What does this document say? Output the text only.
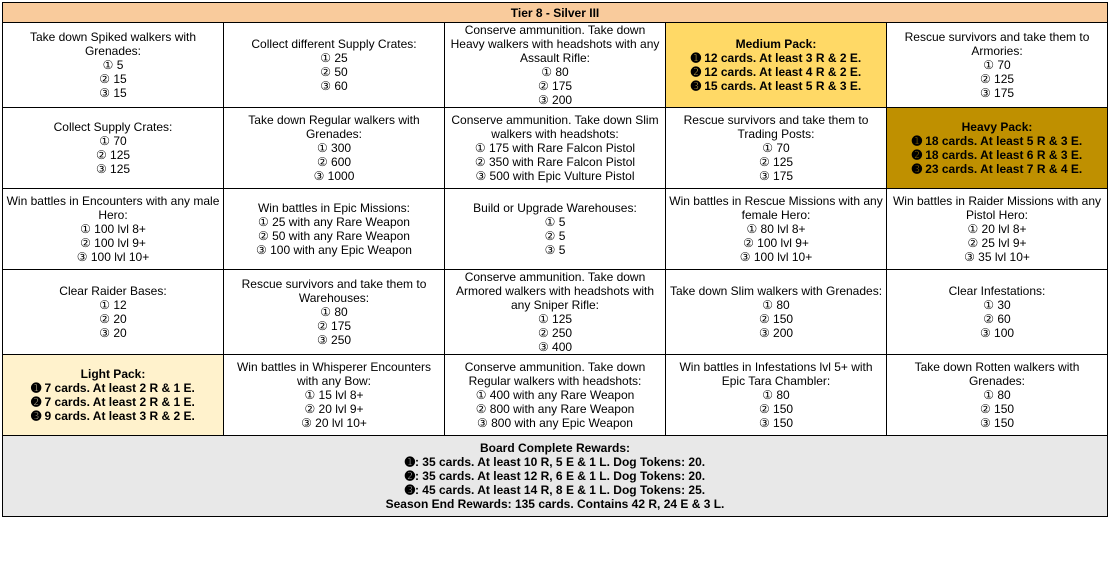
Tier 8 - Silver III				

Take down Spiked walkers with Grenades:
① 5
② 15
③ 15	Collect different Supply Crates:
① 25
② 50
③ 60	Conserve ammunition. Take down Heavy walkers with headshots with any Assault Rifle:
① 80
② 175
③ 200	Medium Pack:
➊ 12 cards. At least 3 R & 2 E.
➋ 12 cards. At least 4 R & 2 E.
➌ 15 cards. At least 5 R & 3 E.	Rescue survivors and take them to Armories:
① 70
② 125
③ 175

Collect Supply Crates:
① 70
② 125
③ 125	Take down Regular walkers with Grenades:
① 300
② 600
③ 1000	Conserve ammunition. Take down Slim walkers with headshots:
① 175 with Rare Falcon Pistol
② 350 with Rare Falcon Pistol
③ 500 with Epic Vulture Pistol	Rescue survivors and take them to Trading Posts:
① 70
② 125
③ 175	Heavy Pack:
➊ 18 cards. At least 5 R & 3 E.
➋ 18 cards. At least 6 R & 3 E.
➌ 23 cards. At least 7 R & 4 E.

Win battles in Encounters with any male Hero:
① 100 lvl 8+
② 100 lvl 9+
③ 100 lvl 10+	Win battles in Epic Missions:
① 25 with any Rare Weapon
② 50 with any Rare Weapon
③ 100 with any Epic Weapon	Build or Upgrade Warehouses:
① 5
② 5
③ 5	Win battles in Rescue Missions with any female Hero:
① 80 lvl 8+
② 100 lvl 9+
③ 100 lvl 10+	Win battles in Raider Missions with any Pistol Hero:
① 20 lvl 8+
② 25 lvl 9+
③ 35 lvl 10+

Clear Raider Bases:
① 12
② 20
③ 20	Rescue survivors and take them to Warehouses:
① 80
② 175
③ 250	Conserve ammunition. Take down Armored walkers with headshots with any Sniper Rifle:
① 125
② 250
③ 400	Take down Slim walkers with Grenades:
① 80
② 150
③ 200	Clear Infestations:
① 30
② 60
③ 100

Light Pack:
➊ 7 cards. At least 2 R & 1 E.
➋ 7 cards. At least 2 R & 1 E.
➌ 9 cards. At least 3 R & 2 E.	Win battles in Whisperer Encounters with any Bow:
① 15 lvl 8+
② 20 lvl 9+
③ 20 lvl 10+	Conserve ammunition. Take down Regular walkers with headshots:
① 400 with any Rare Weapon
② 800 with any Rare Weapon
③ 800 with any Epic Weapon	Win battles in Infestations lvl 5+ with Epic Tara Chambler:
① 80
② 150
③ 150	Take down Rotten walkers with Grenades:
① 80
② 150
③ 150

Board Complete Rewards:
➊: 35 cards. At least 10 R, 5 E & 1 L. Dog Tokens: 20.
➋: 35 cards. At least 12 R, 6 E & 1 L. Dog Tokens: 20.
➌: 45 cards. At least 14 R, 8 E & 1 L. Dog Tokens: 25.
Season End Rewards: 135 cards. Contains 42 R, 24 E & 3 L.				
